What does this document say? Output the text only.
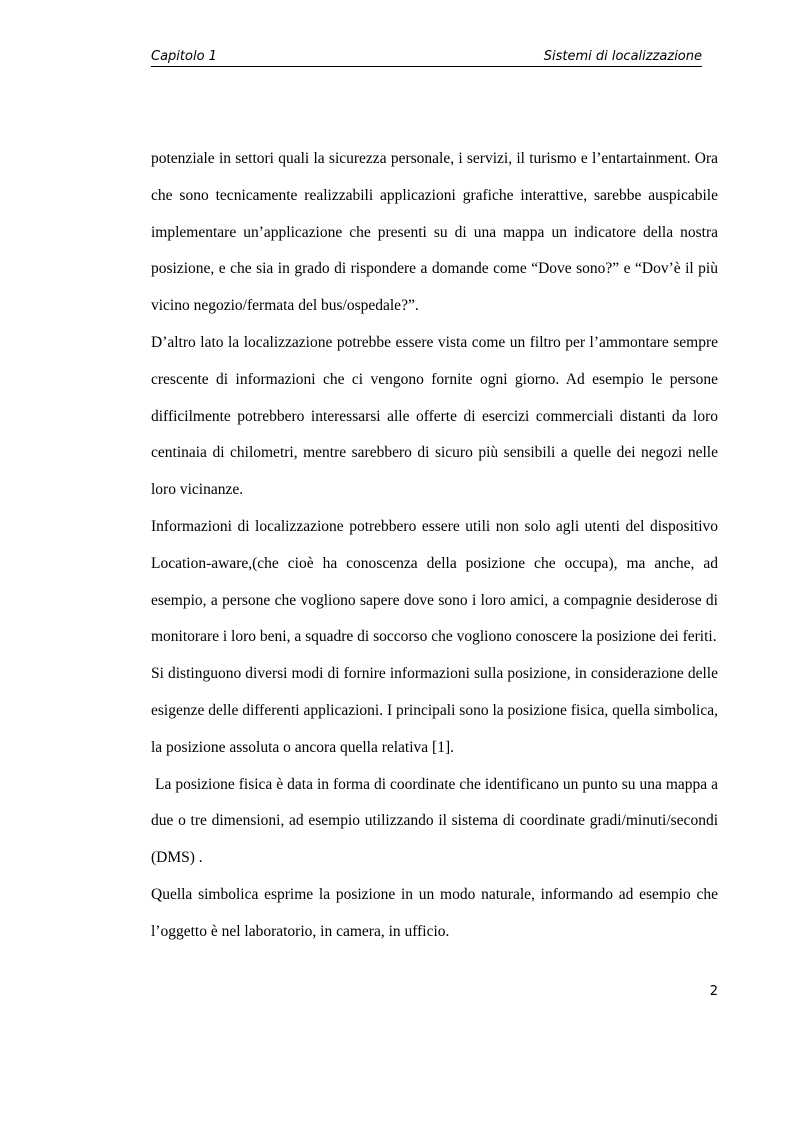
Capitolo 1	Sistemi di localizzazione

potenziale in settori quali la sicurezza personale, i servizi, il turismo e l’entartainment. Ora che sono tecnicamente realizzabili applicazioni grafiche interattive, sarebbe auspicabile implementare un’applicazione che presenti su di una mappa un indicatore della nostra posizione, e che sia in grado di rispondere a domande come “Dove sono?” e “Dov’è il più vicino negozio/fermata del bus/ospedale?”.

D’altro lato la localizzazione potrebbe essere vista come un filtro per l’ammontare sempre crescente di informazioni che ci vengono fornite ogni giorno. Ad esempio le persone difficilmente potrebbero interessarsi alle offerte di esercizi commerciali distanti da loro centinaia di chilometri, mentre sarebbero di sicuro più sensibili a quelle dei negozi nelle loro vicinanze.

Informazioni di localizzazione potrebbero essere utili non solo agli utenti del dispositivo Location-aware,(che cioè ha conoscenza della posizione che occupa), ma anche, ad esempio, a persone che vogliono sapere dove sono i loro amici, a compagnie desiderose di monitorare i loro beni, a squadre di soccorso che vogliono conoscere la posizione dei feriti.

Si distinguono diversi modi di fornire informazioni sulla posizione, in considerazione delle esigenze delle differenti applicazioni. I principali sono la posizione fisica, quella simbolica, la posizione assoluta o ancora quella relativa [1].

La posizione fisica è data in forma di coordinate che identificano un punto su una mappa a due o tre dimensioni, ad esempio utilizzando il sistema di coordinate gradi/minuti/secondi (DMS) .

Quella simbolica esprime la posizione in un modo naturale, informando ad esempio che l’oggetto è nel laboratorio, in camera, in ufficio.

2
